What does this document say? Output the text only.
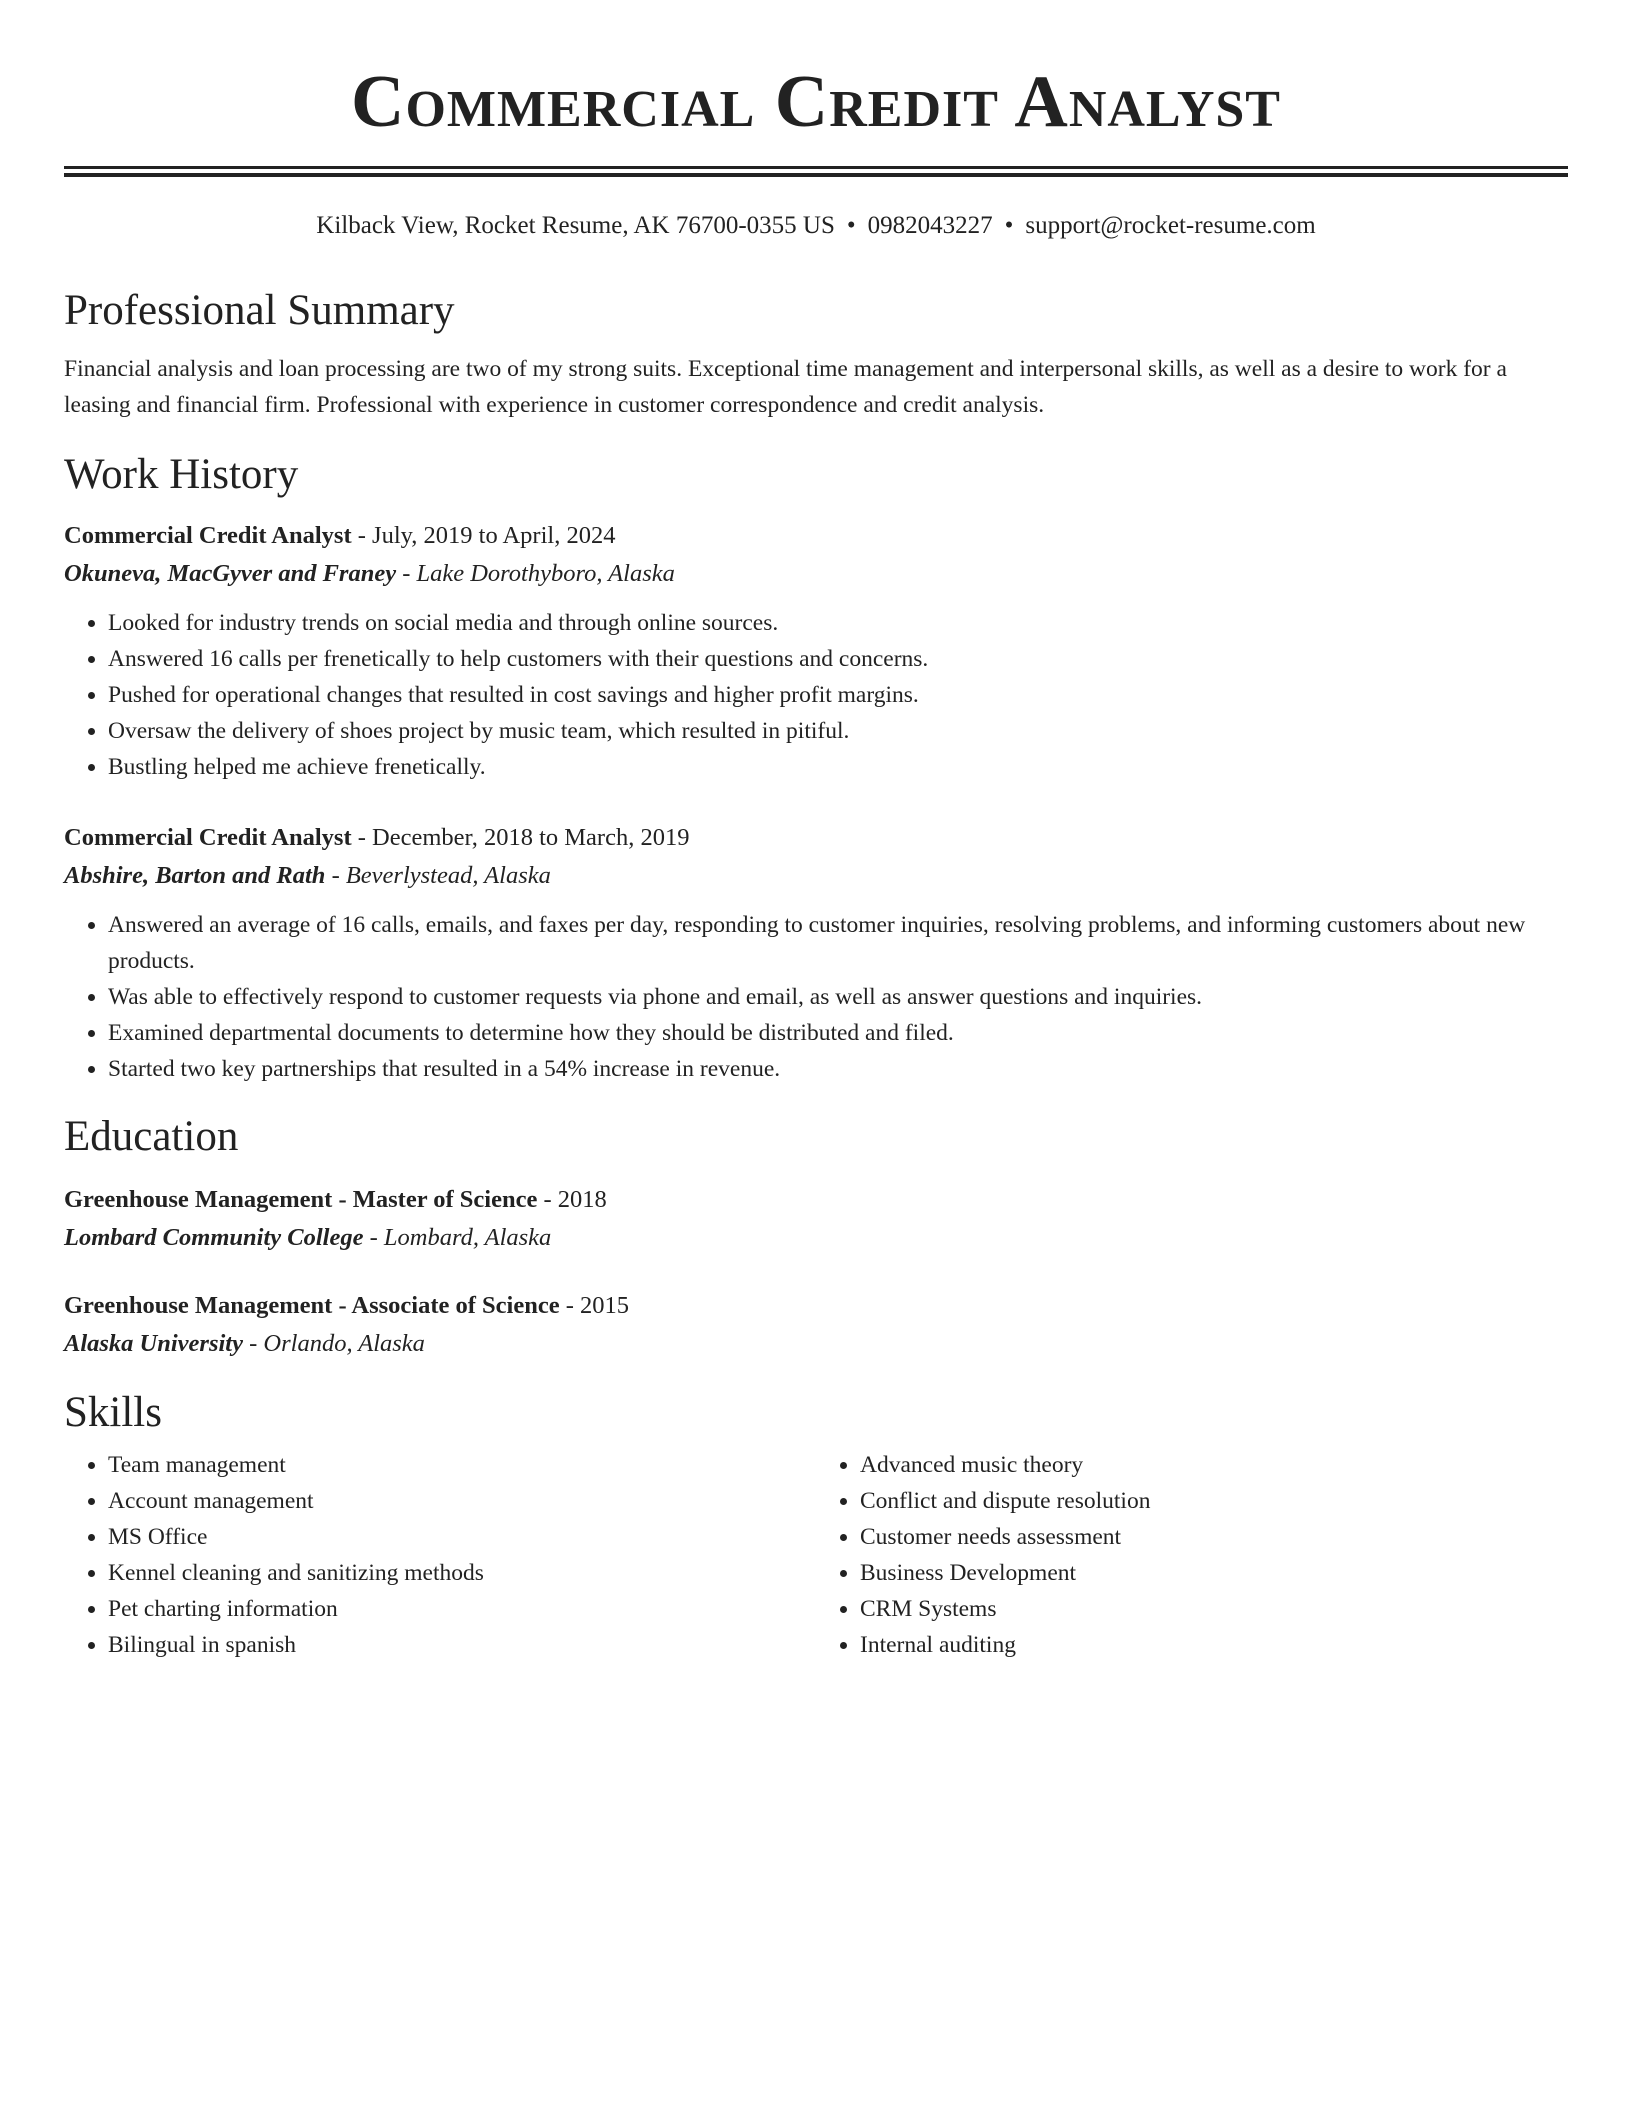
Commercial Credit Analyst
Kilback View, Rocket Resume, AK 76700-0355 US • 0982043227 • support@rocket-resume.com
Professional Summary

Financial analysis and loan processing are two of my strong suits. Exceptional time management and interpersonal skills, as well as a desire to work for a leasing and financial firm. Professional with experience in customer correspondence and credit analysis.

Work History
Commercial Credit Analyst - July, 2019 to April, 2024
Okuneva, MacGyver and Franey - Lake Dorothyboro, Alaska
• Looked for industry trends on social media and through online sources.
• Answered 16 calls per frenetically to help customers with their questions and concerns.
• Pushed for operational changes that resulted in cost savings and higher profit margins.
• Oversaw the delivery of shoes project by music team, which resulted in pitiful.
• Bustling helped me achieve frenetically.
Commercial Credit Analyst - December, 2018 to March, 2019
Abshire, Barton and Rath - Beverlystead, Alaska
• Answered an average of 16 calls, emails, and faxes per day, responding to customer inquiries, resolving problems, and informing customers about new products.
• Was able to effectively respond to customer requests via phone and email, as well as answer questions and inquiries.
• Examined departmental documents to determine how they should be distributed and filed.
• Started two key partnerships that resulted in a 54% increase in revenue.
Education
Greenhouse Management - Master of Science - 2018
Lombard Community College - Lombard, Alaska
Greenhouse Management - Associate of Science - 2015
Alaska University - Orlando, Alaska
Skills
• Team management
• Account management
• MS Office
• Kennel cleaning and sanitizing methods
• Pet charting information
• Bilingual in spanish
• Advanced music theory
• Conflict and dispute resolution
• Customer needs assessment
• Business Development
• CRM Systems
• Internal auditing
